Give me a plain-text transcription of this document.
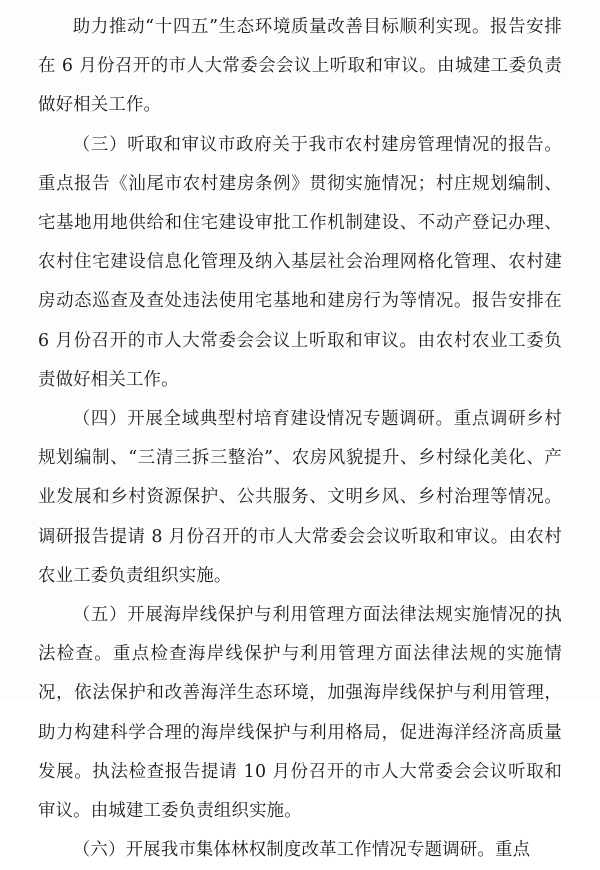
助力推动“十四五”生态环境质量改善目标顺利实现。报告安排在 6 月份召开的市人大常委会会议上听取和审议。由城建工委负责做好相关工作。

（三）听取和审议市政府关于我市农村建房管理情况的报告。重点报告《汕尾市农村建房条例》贯彻实施情况；村庄规划编制、宅基地用地供给和住宅建设审批工作机制建设、不动产登记办理、农村住宅建设信息化管理及纳入基层社会治理网格化管理、农村建房动态巡查及查处违法使用宅基地和建房行为等情况。报告安排在 6 月份召开的市人大常委会会议上听取和审议。由农村农业工委负责做好相关工作。

（四）开展全域典型村培育建设情况专题调研。重点调研乡村规划编制、“三清三拆三整治”、农房风貌提升、乡村绿化美化、产业发展和乡村资源保护、公共服务、文明乡风、乡村治理等情况。调研报告提请 8 月份召开的市人大常委会会议听取和审议。由农村农业工委负责组织实施。

（五）开展海岸线保护与利用管理方面法律法规实施情况的执法检查。重点检查海岸线保护与利用管理方面法律法规的实施情况，依法保护和改善海洋生态环境，加强海岸线保护与利用管理，助力构建科学合理的海岸线保护与利用格局，促进海洋经济高质量发展。执法检查报告提请 10 月份召开的市人大常委会会议听取和审议。由城建工委负责组织实施。

（六）开展我市集体林权制度改革工作情况专题调研。重点
